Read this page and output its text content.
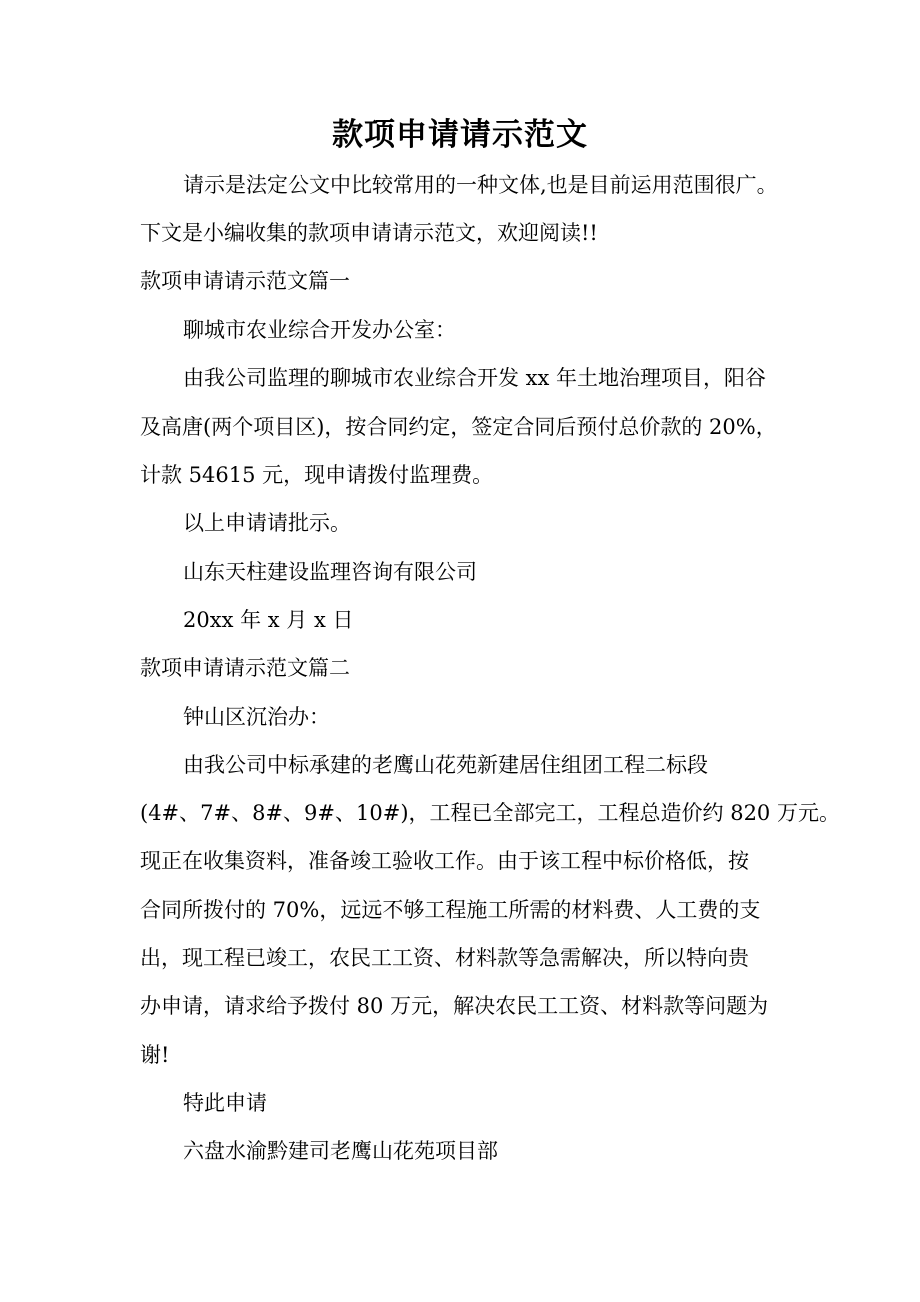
款项申请请示范文
请示是法定公文中比较常用的一种文体,也是目前运用范围很广。
下文是小编收集的款项申请请示范文，欢迎阅读!!
款项申请请示范文篇一
聊城市农业综合开发办公室：
由我公司监理的聊城市农业综合开发 xx 年土地治理项目，阳谷
及高唐(两个项目区)，按合同约定，签定合同后预付总价款的 20%，
计款 54615 元，现申请拨付监理费。
以上申请请批示。
山东天柱建设监理咨询有限公司
20xx 年 x 月 x 日
款项申请请示范文篇二
钟山区沉治办：
由我公司中标承建的老鹰山花苑新建居住组团工程二标段
(4#、7#、8#、9#、10#)，工程已全部完工，工程总造价约 820 万元。
现正在收集资料，准备竣工验收工作。由于该工程中标价格低，按
合同所拨付的 70%，远远不够工程施工所需的材料费、人工费的支
出，现工程已竣工，农民工工资、材料款等急需解决，所以特向贵
办申请，请求给予拨付 80 万元，解决农民工工资、材料款等问题为
谢!
特此申请
六盘水渝黔建司老鹰山花苑项目部
